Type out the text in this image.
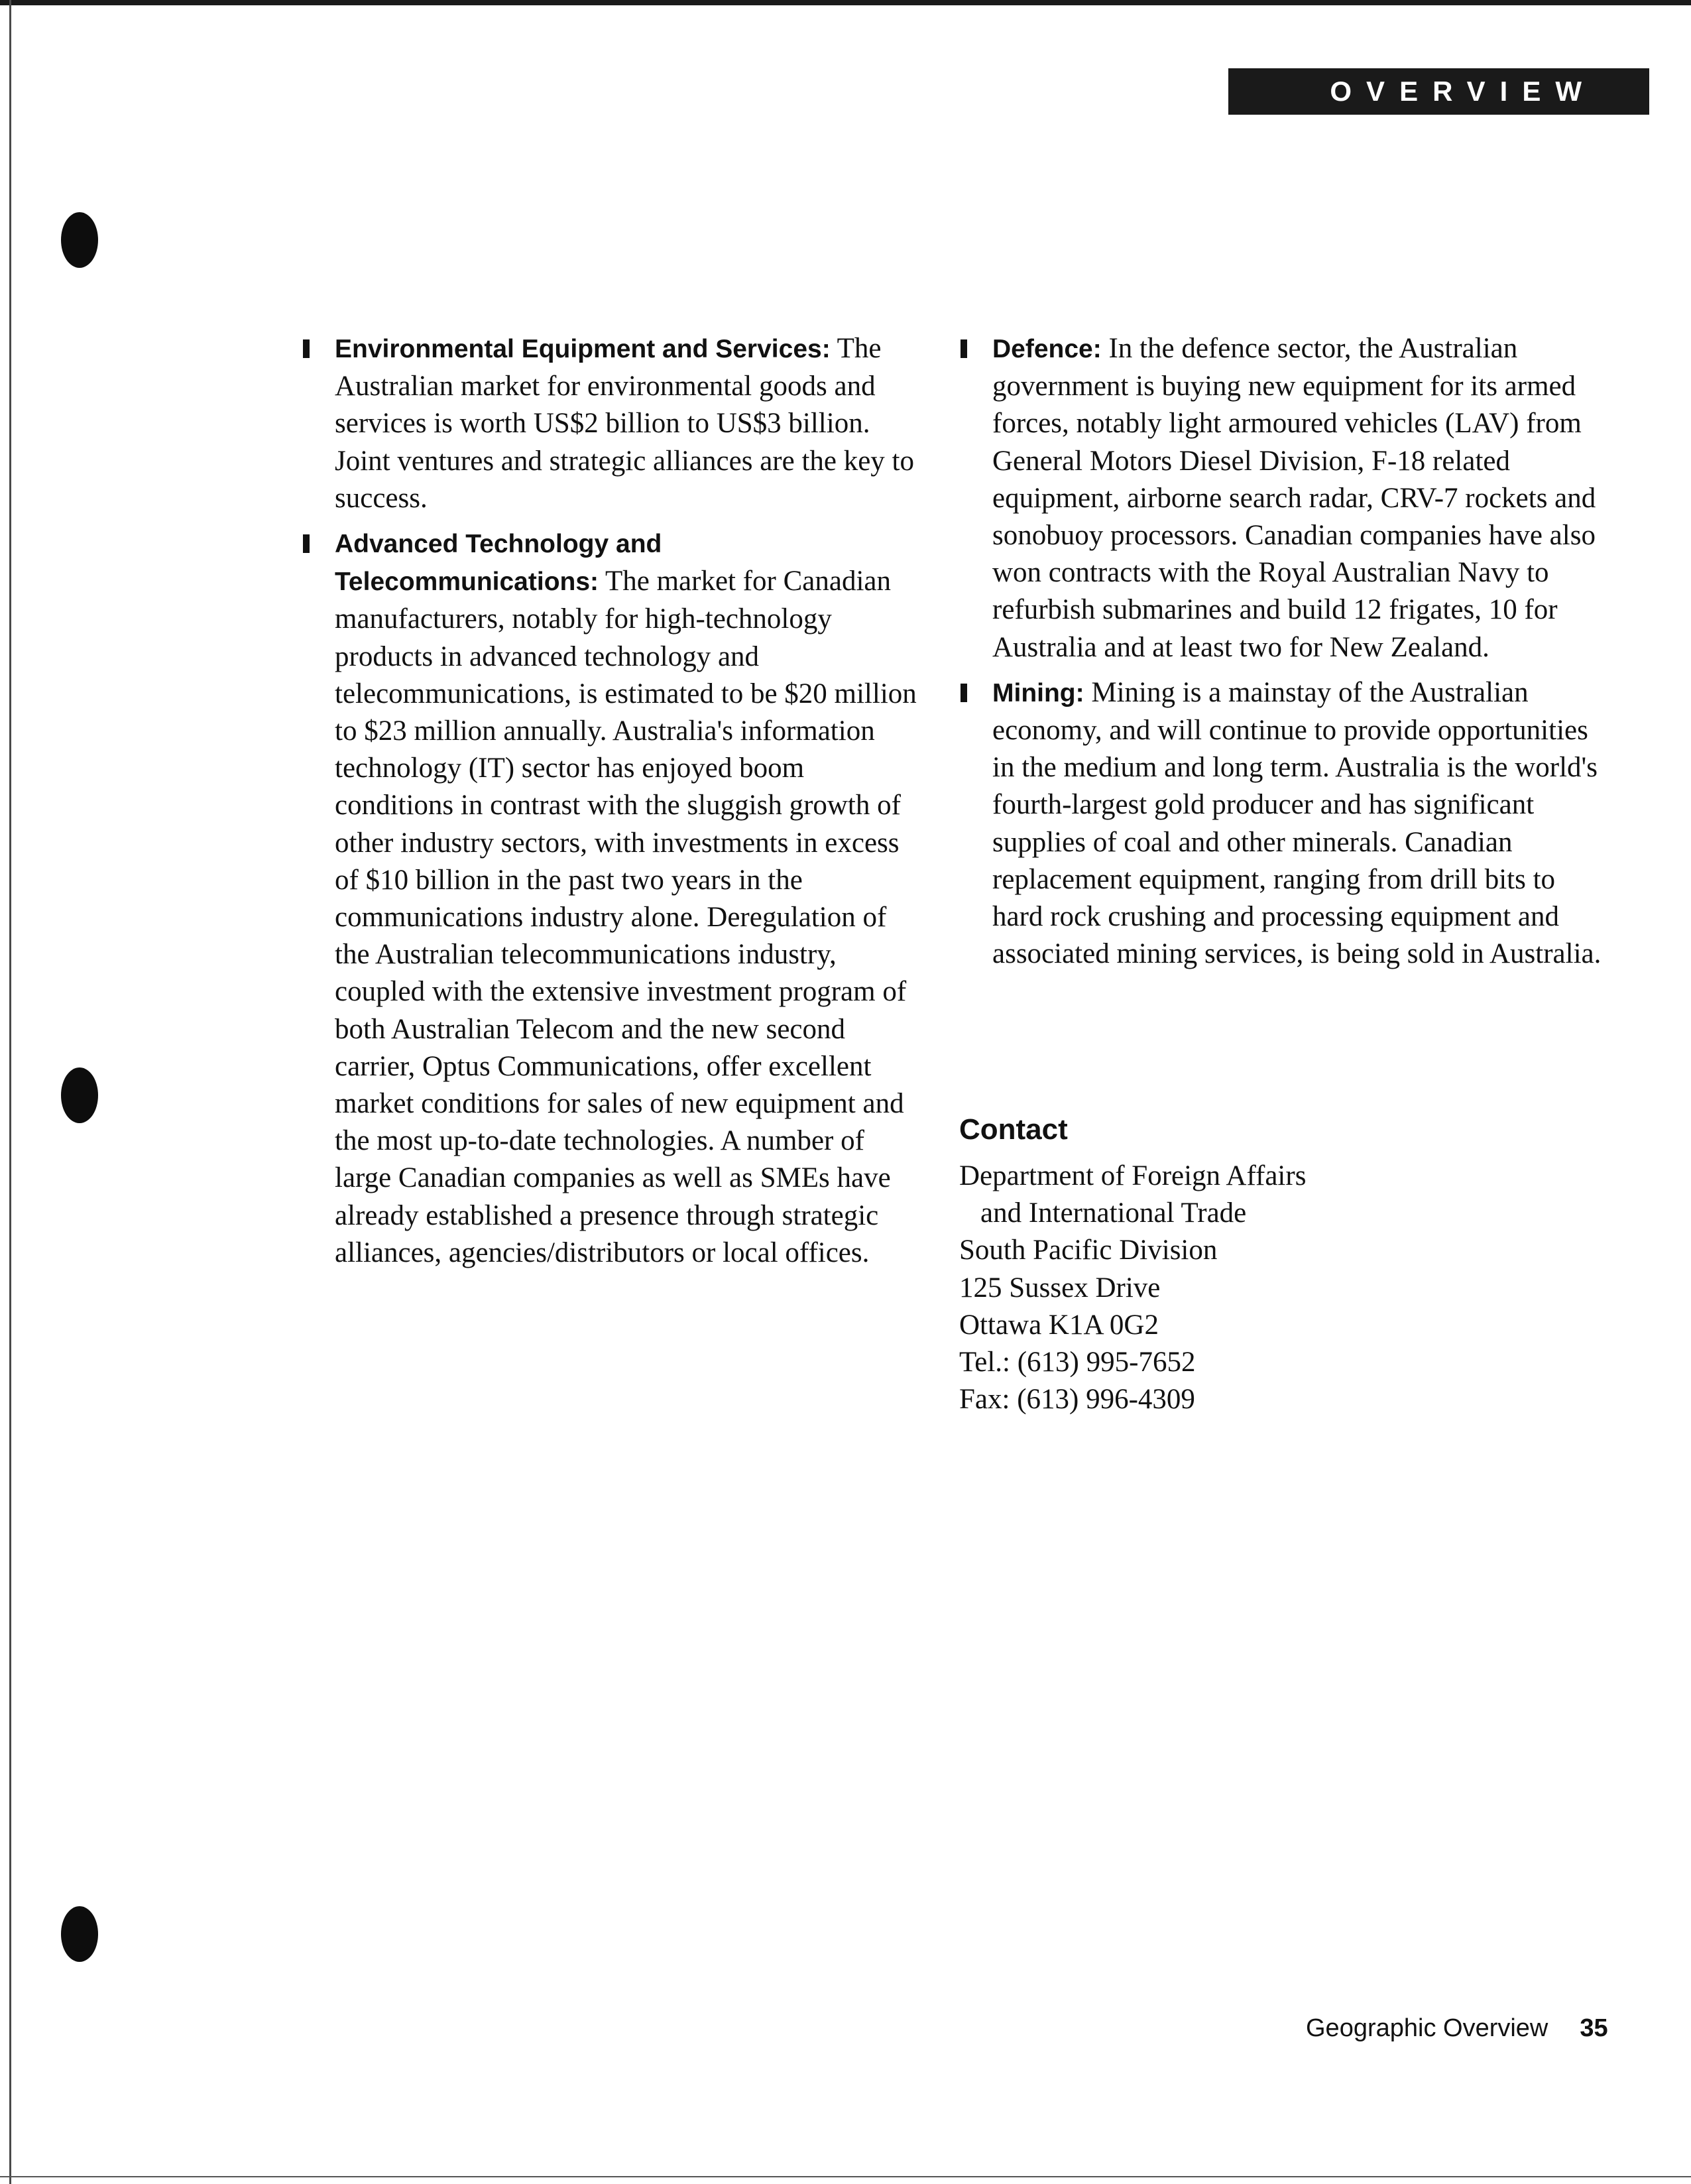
OVERVIEW
Environmental Equipment and Services: The Australian market for environmental goods and services is worth US$2 billion to US$3 billion. Joint ventures and strategic alliances are the key to success.
Advanced Technology and Telecommunications: The market for Canadian manufacturers, notably for high-technology products in advanced technology and telecommunications, is estimated to be $20 million to $23 million annually. Australia's information technology (IT) sector has enjoyed boom conditions in contrast with the sluggish growth of other industry sectors, with investments in excess of $10 billion in the past two years in the communications industry alone. Deregulation of the Australian telecommunications industry, coupled with the extensive investment program of both Australian Telecom and the new second carrier, Optus Communications, offer excellent market conditions for sales of new equipment and the most up-to-date technologies. A number of large Canadian companies as well as SMEs have already established a presence through strategic alliances, agencies/distributors or local offices.
Defence: In the defence sector, the Australian government is buying new equipment for its armed forces, notably light armoured vehicles (LAV) from General Motors Diesel Division, F-18 related equipment, airborne search radar, CRV-7 rockets and sonobuoy processors. Canadian companies have also won contracts with the Royal Australian Navy to refurbish submarines and build 12 frigates, 10 for Australia and at least two for New Zealand.
Mining: Mining is a mainstay of the Australian economy, and will continue to provide opportunities in the medium and long term. Australia is the world's fourth-largest gold producer and has significant supplies of coal and other minerals. Canadian replacement equipment, ranging from drill bits to hard rock crushing and processing equipment and associated mining services, is being sold in Australia.
Contact
Department of Foreign Affairs
and International Trade
South Pacific Division
125 Sussex Drive
Ottawa K1A 0G2
Tel.: (613) 995-7652
Fax: (613) 996-4309
Geographic Overview 35
